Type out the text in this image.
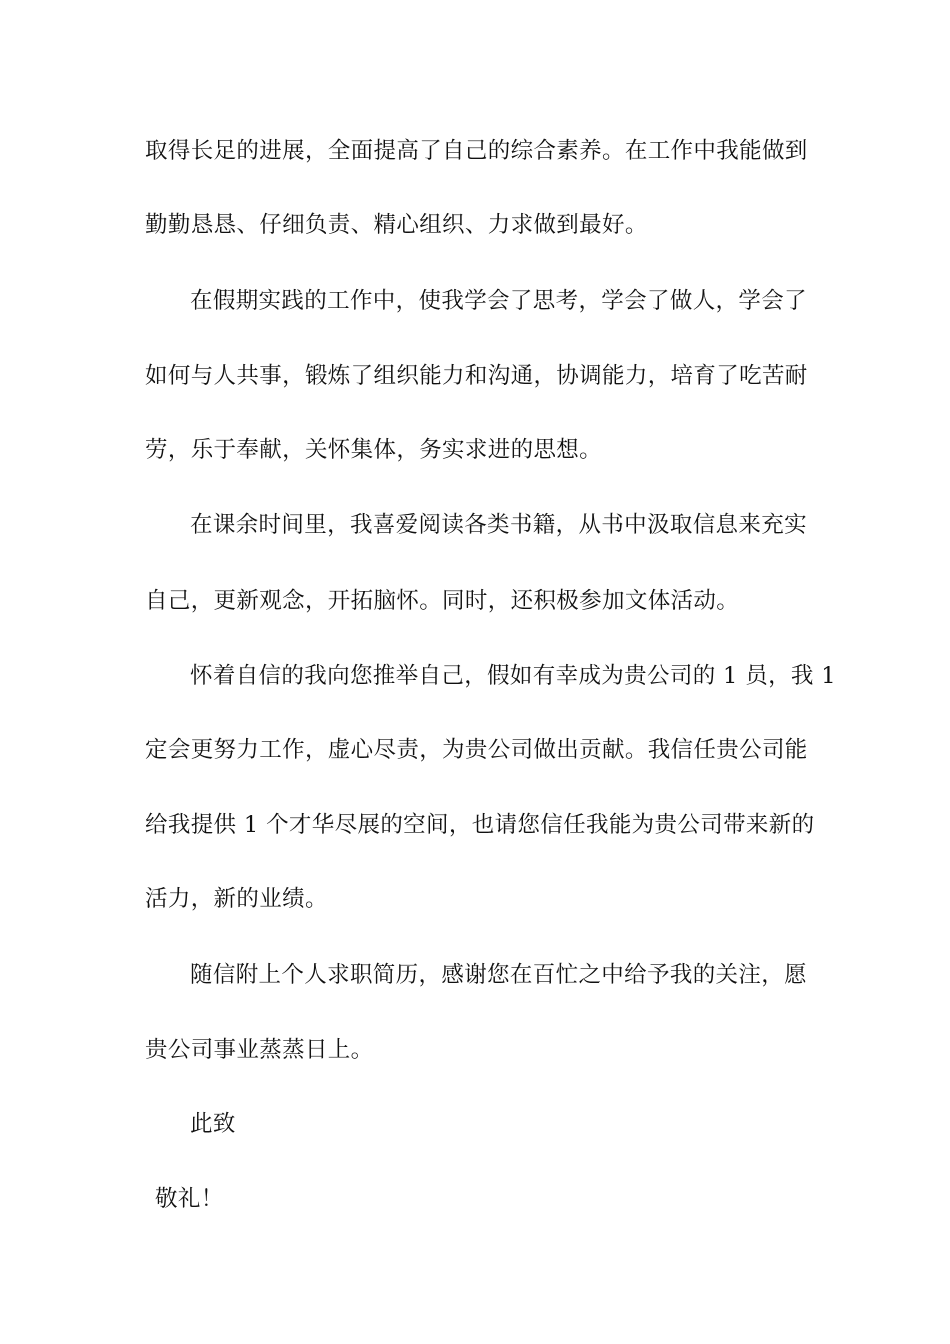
取得长足的进展，全面提高了自己的综合素养。在工作中我能做到
勤勤恳恳、仔细负责、精心组织、力求做到最好。
在假期实践的工作中，使我学会了思考，学会了做人，学会了
如何与人共事，锻炼了组织能力和沟通，协调能力，培育了吃苦耐
劳，乐于奉献，关怀集体，务实求进的思想。
在课余时间里，我喜爱阅读各类书籍，从书中汲取信息来充实
自己，更新观念，开拓脑怀。同时，还积极参加文体活动。
怀着自信的我向您推举自己，假如有幸成为贵公司的 1 员，我 1
定会更努力工作，虚心尽责，为贵公司做出贡献。我信任贵公司能
给我提供 1 个才华尽展的空间，也请您信任我能为贵公司带来新的
活力，新的业绩。
随信附上个人求职简历，感谢您在百忙之中给予我的关注，愿
贵公司事业蒸蒸日上。
此致
敬礼！
